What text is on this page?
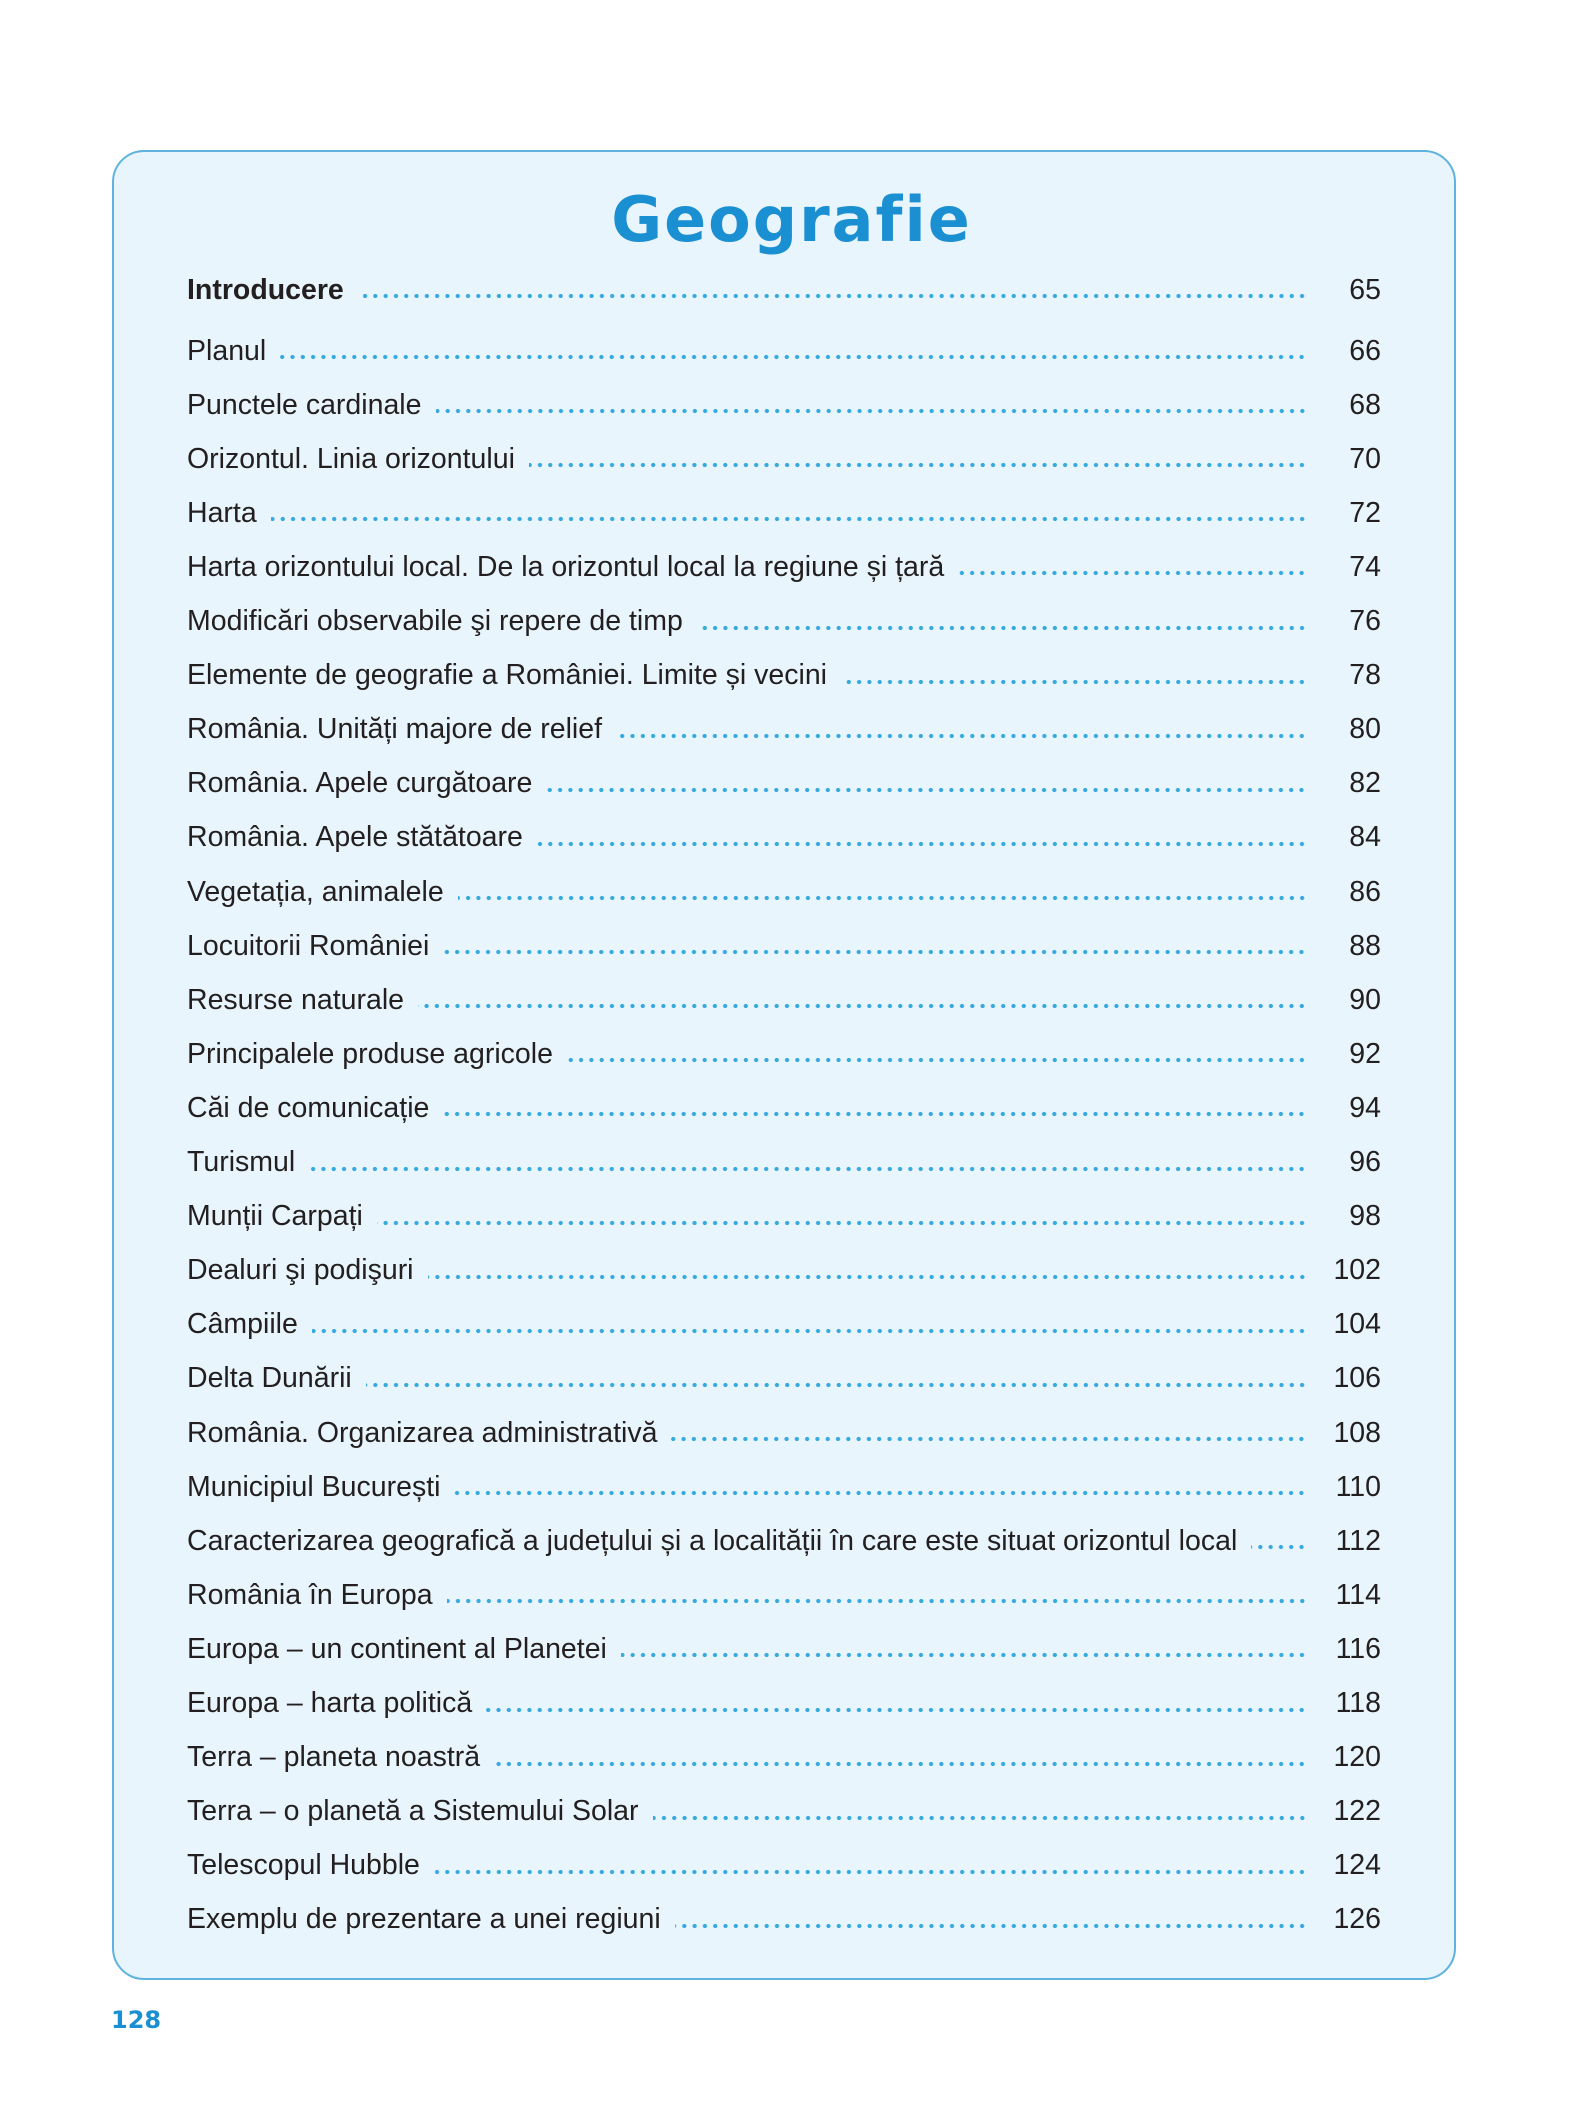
Geografie
Introducere	65
Planul	66
Punctele cardinale	68
Orizontul. Linia orizontului	70
Harta	72
Harta orizontului local. De la orizontul local la regiune și țară	74
Modificări observabile şi repere de timp	76
Elemente de geografie a României. Limite și vecini	78
România. Unități majore de relief	80
România. Apele curgătoare	82
România. Apele stătătoare	84
Vegetația, animalele	86
Locuitorii României	88
Resurse naturale	90
Principalele produse agricole	92
Căi de comunicație	94
Turismul	96
Munții Carpați	98
Dealuri şi podişuri	102
Câmpiile	104
Delta Dunării	106
România. Organizarea administrativă	108
Municipiul București	110
Caracterizarea geografică a județului și a localității în care este situat orizontul local	112
România în Europa	114
Europa – un continent al Planetei	116
Europa – harta politică	118
Terra – planeta noastră	120
Terra – o planetă a Sistemului Solar	122
Telescopul Hubble	124
Exemplu de prezentare a unei regiuni	126

128
